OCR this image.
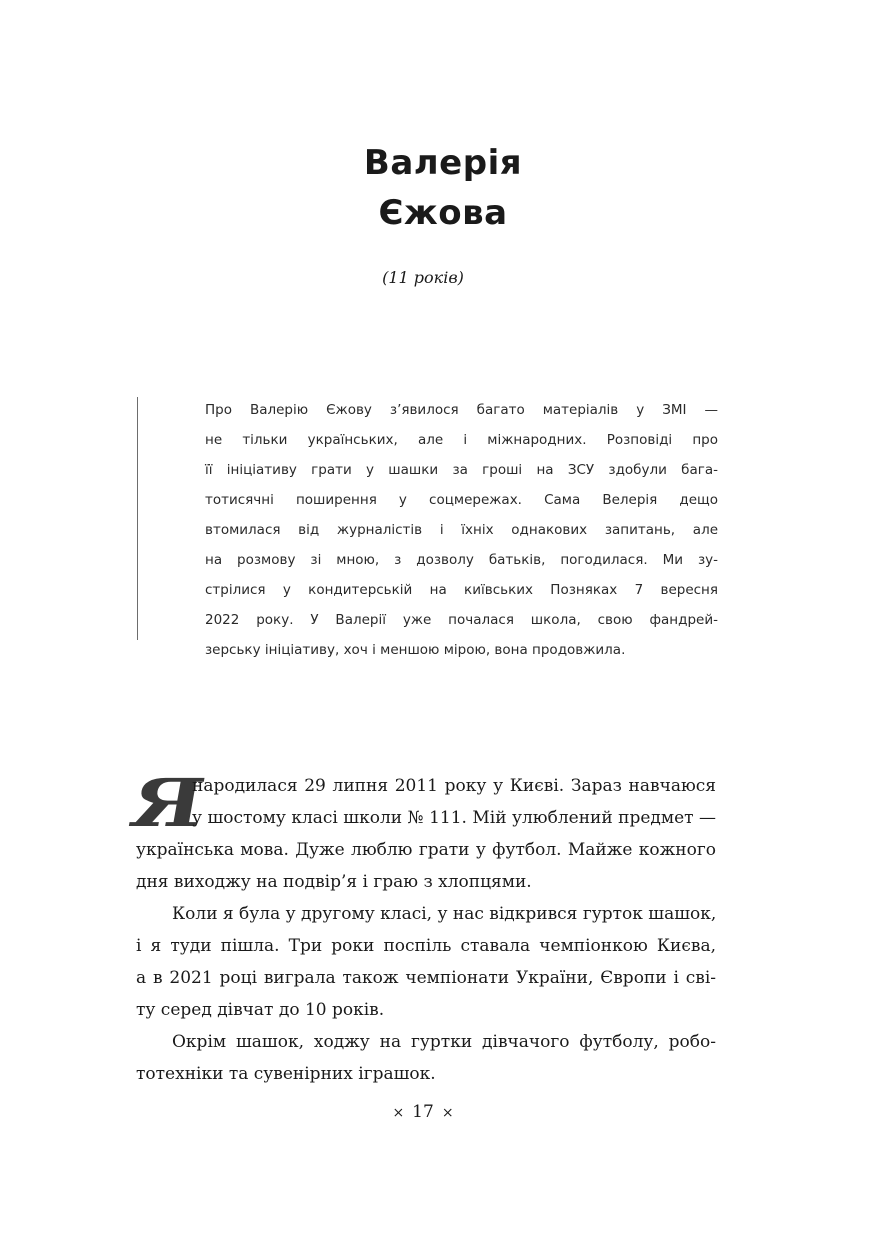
Валерія
Єжова
(11 років)
Про Валерію Єжову з’явилося багато матеріалів у ЗМІ —
не тільки українських, але і міжнародних. Розповіді про
її ініціативу грати у шашки за гроші на ЗСУ здобули бага-
тотисячні поширення у соцмережах. Сама Велерія дещо
втомилася від журналістів і їхніх однакових запитань, але
на розмову зі мною, з дозволу батьків, погодилася. Ми зу-
стрілися у кондитерській на київських Позняках 7 вересня
2022 року. У Валерії уже почалася школа, свою фандрей-
зерську ініціативу, хоч і меншою мірою, вона продовжила.
Я
народилася 29 липня 2011 року у Києві. Зараз навчаюся
у шостому класі школи № 111. Мій улюблений предмет —
українська мова. Дуже люблю грати у футбол. Майже кожного
дня виходжу на подвір’я і граю з хлопцями.
Коли я була у другому класі, у нас відкрився гурток шашок,
і я туди пішла. Три роки поспіль ставала чемпіонкою Києва,
а в 2021 році виграла також чемпіонати України, Європи і сві-
ту серед дівчат до 10 років.
Окрім шашок, ходжу на гуртки дівчачого футболу, робо-
тотехніки та сувенірних іграшок.
× 17 ×
